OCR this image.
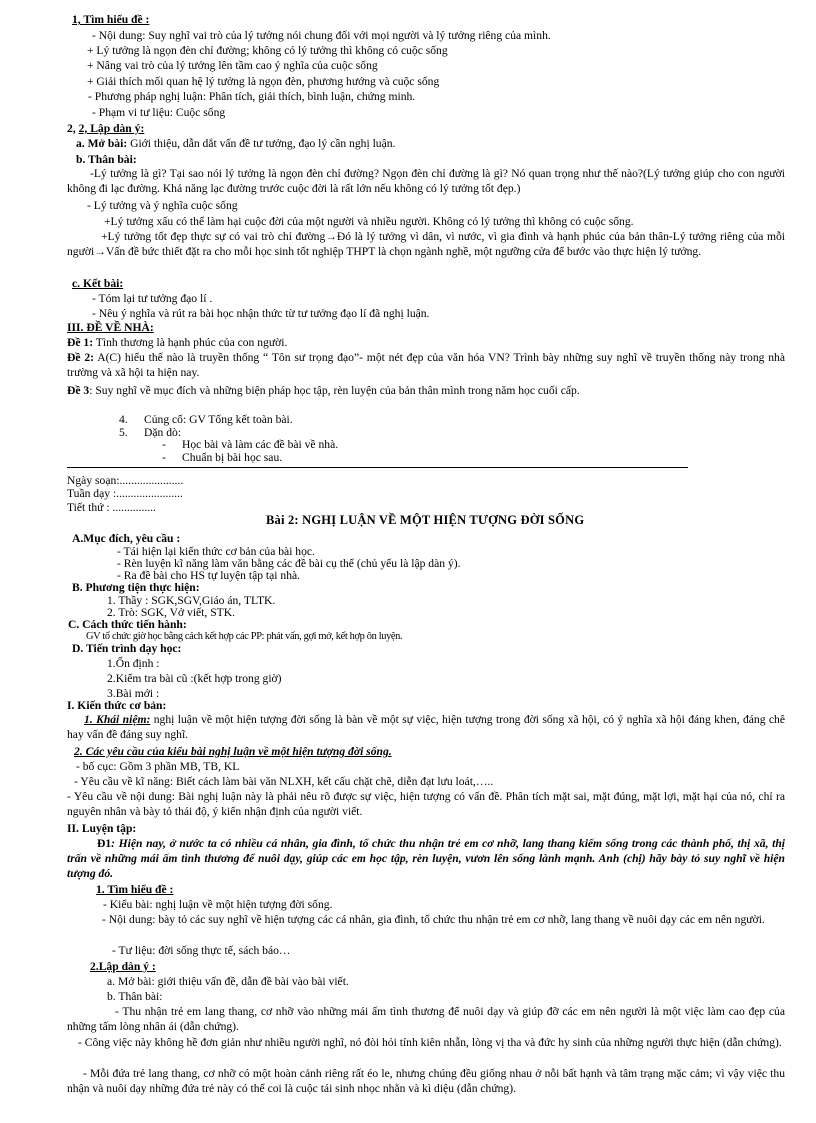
1, Tìm hiểu đề :
- Nội dung: Suy nghĩ vai trò của lý tưởng nói chung đối với mọi người và lý tưởng riêng của mình.
+ Lý tưởng là ngọn đèn chỉ đường; không có lý tưởng thì không có cuộc sống
+ Nâng vai trò của lý tưởng lên tầm cao ý nghĩa của cuộc sống
+ Giải thích mối quan hệ lý tưởng là ngọn đèn, phương hướng và cuộc sống
- Phương pháp nghị luận: Phân tích, giải thích, bình luận, chứng minh.
- Phạm vi tư liệu: Cuộc sống
2, 2, Lập dàn ý:
a. Mở bài: Giới thiệu, dẫn dắt vấn đề tư tưởng, đạo lý cần nghị luận.
b. Thân bài:
-Lý tưởng là gì? Tại sao nói lý tưởng là ngọn đèn chỉ đường? Ngọn đèn chỉ đường là gì? Nó quan trọng như thế nào?(Lý tưởng giúp cho con người không đi lạc đường. Khả năng lạc đường trước cuộc đời là rất lớn nếu không có lý tưởng tốt đẹp.)
- Lý tưởng và ý nghĩa cuộc sống
+Lý tưởng xấu có thể làm hại cuộc đời của một người và nhiều người. Không có lý tưởng thì không có cuộc sống.
+Lý tưởng tốt đẹp thực sự có vai trò chỉ đường→Đó là lý tưởng vì dân, vì nước, vì gia đình và hạnh phúc của bản thân-Lý tưởng riêng của mỗi người→Vấn đề bức thiết đặt ra cho mỗi học sinh tốt nghiệp THPT là chọn ngành nghề, một ngưỡng cửa để bước vào thực hiện lý tưởng.
c. Kết bài:
- Tóm lại tư tưởng đạo lí .
- Nêu ý nghĩa và rút ra bài học nhận thức từ tư tưởng đạo lí đã nghị luận.
III. ĐỀ VỀ NHÀ:
Đề 1: Tình thương là hạnh phúc của con người.
Đề 2: A(C) hiểu thế nào là truyền thống “ Tôn sư trọng đạo”- một nét đẹp của văn hóa VN? Trình bày những suy nghĩ về truyền thống này trong nhà trường và xã hội ta hiện nay.
Đề 3: Suy nghĩ về mục đích và những biện pháp học tập, rèn luyện của bản thân mình trong năm học cuối cấp.
4. Củng cố: GV Tổng kết toàn bài.
5. Dặn dò:
- Học bài và làm các đề bài về nhà.
- Chuẩn bị bài học sau.
Ngày soạn:......................
Tuần dạy :.......................
Tiết thứ : ...............
Bài 2: NGHỊ LUẬN VỀ MỘT HIỆN TƯỢNG ĐỜI SỐNG
A.Mục đích, yêu cầu :
- Tái hiện lại kiến thức cơ bản của bài học.
- Rèn luyện kĩ năng làm văn bằng các đề bài cụ thể (chủ yếu là lập dàn ý).
- Ra đề bài cho HS tự luyện tập tại nhà.
B. Phương tiện thực hiện:
1. Thầy : SGK,SGV,Giáo án, TLTK.
2. Trò: SGK, Vở viết, STK.
C. Cách thức tiến hành:
GV tổ chức giờ học bằng cách kết hợp các PP: phát vấn, gợi mở, kết hợp ôn luyện.
D. Tiến trình dạy học:
1.Ổn định :
2.Kiểm tra bài cũ :(kết hợp trong giờ)
3.Bài mới :
I. Kiến thức cơ bản:
1. Khái niệm: nghị luận về một hiện tượng đời sống là bàn về một sự việc, hiện tượng trong đời sống xã hội, có ý nghĩa xã hội đáng khen, đáng chê hay vấn đề đáng suy nghĩ.
2. Các yêu cầu của kiểu bài nghị luận về một hiện tượng đời sống.
- bố cục: Gồm 3 phần MB, TB, KL
- Yêu cầu về kĩ năng: Biết cách làm bài văn NLXH, kết cấu chặt chẽ, diễn đạt lưu loát,…..
- Yêu cầu về nội dung: Bài nghị luận này là phải nêu rõ được sự việc, hiện tượng có vấn đề. Phân tích mặt sai, mặt đúng, mặt lợi, mặt hại của nó, chỉ ra nguyên nhân và bày tỏ thái độ, ý kiến nhận định của người viết.
II. Luyện tập:
Đ1: Hiện nay, ở nước ta có nhiều cá nhân, gia đình, tổ chức thu nhận trẻ em cơ nhỡ, lang thang kiếm sống trong các thành phố, thị xã, thị trấn về những mái ấm tình thương để nuôi dạy, giúp các em học tập, rèn luyện, vươn lên sống lành mạnh. Anh (chị) hãy bày tỏ suy nghĩ về hiện tượng đó.
1. Tìm hiểu đề :
- Kiểu bài: nghị luận về một hiện tượng đời sống.
- Nội dung: bày tỏ các suy nghĩ về hiện tượng các cá nhân, gia đình, tổ chức thu nhận trẻ em cơ nhỡ, lang thang về nuôi dạy các em nên người.
- Tư liệu: đời sống thực tế, sách báo…
2.Lập dàn ý :
a. Mở bài: giới thiệu vấn đề, dẫn đề bài vào bài viết.
b. Thân bài:
- Thu nhận trẻ em lang thang, cơ nhỡ vào những mái ấm tình thương để nuôi dạy và giúp đỡ các em nên người là một việc làm cao đẹp của những tấm lòng nhân ái (dẫn chứng).
- Công việc này không hề đơn giản như nhiều người nghĩ, nó đòi hỏi tính kiên nhẫn, lòng vị tha và đức hy sinh của những người thực hiện (dẫn chứng).
- Mỗi đứa trẻ lang thang, cơ nhỡ có một hoàn cảnh riêng rất éo le, nhưng chúng đều giống nhau ở nỗi bất hạnh và tâm trạng mặc cảm; vì vậy việc thu nhận và nuôi dạy những đứa trẻ này có thể coi là cuộc tái sinh nhọc nhằn và kì diệu (dẫn chứng).
